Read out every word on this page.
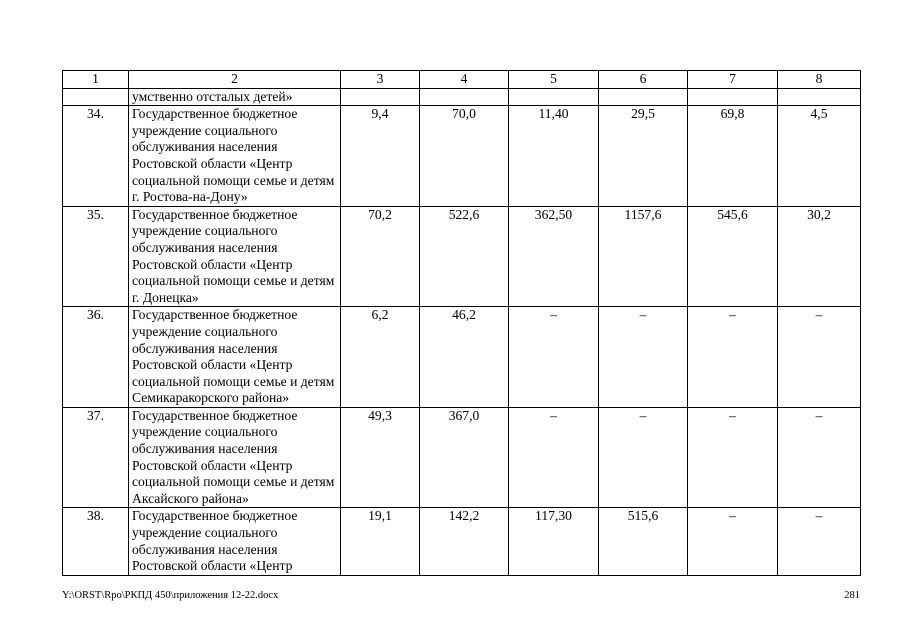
1	2	3	4	5	6	7	8
	умственно отсталых детей»						
34.	Государственное бюджетное учреждение социального обслуживания населения Ростовской области «Центр социальной помощи семье и детям г. Ростова-на-Дону»	9,4	70,0	11,40	29,5	69,8	4,5
35.	Государственное бюджетное учреждение социального обслуживания населения Ростовской области «Центр социальной помощи семье и детям г. Донецка»	70,2	522,6	362,50	1157,6	545,6	30,2
36.	Государственное бюджетное учреждение социального обслуживания населения Ростовской области «Центр социальной помощи семье и детям Семикаракорского района»	6,2	46,2	–	–	–	–
37.	Государственное бюджетное учреждение социального обслуживания населения Ростовской области «Центр социальной помощи семье и детям Аксайского района»	49,3	367,0	–	–	–	–
38.	Государственное бюджетное учреждение социального обслуживания населения Ростовской области «Центр	19,1	142,2	117,30	515,6	–	–
Y:\ORST\Rpo\РКПД 450\приложения 12-22.docx	281
